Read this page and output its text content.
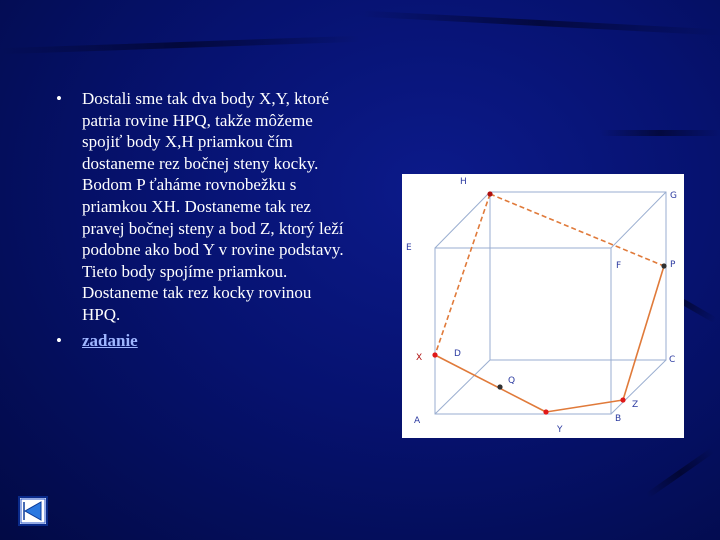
• Dostali sme tak dva body X,Y, ktoré patria rovine HPQ, takže môžeme spojiť body X,H priamkou čím dostaneme rez bočnej steny kocky. Bodom P ťaháme rovnobežku s priamkou XH. Dostaneme tak rez pravej bočnej steny a bod Z, ktorý leží podobne ako bod Y v rovine podstavy. Tieto body spojíme priamkou. Dostaneme tak rez kocky rovinou HPQ.
• zadanie
H
G
E
F	P
X	D
C
Q
A	B
Z
Y
